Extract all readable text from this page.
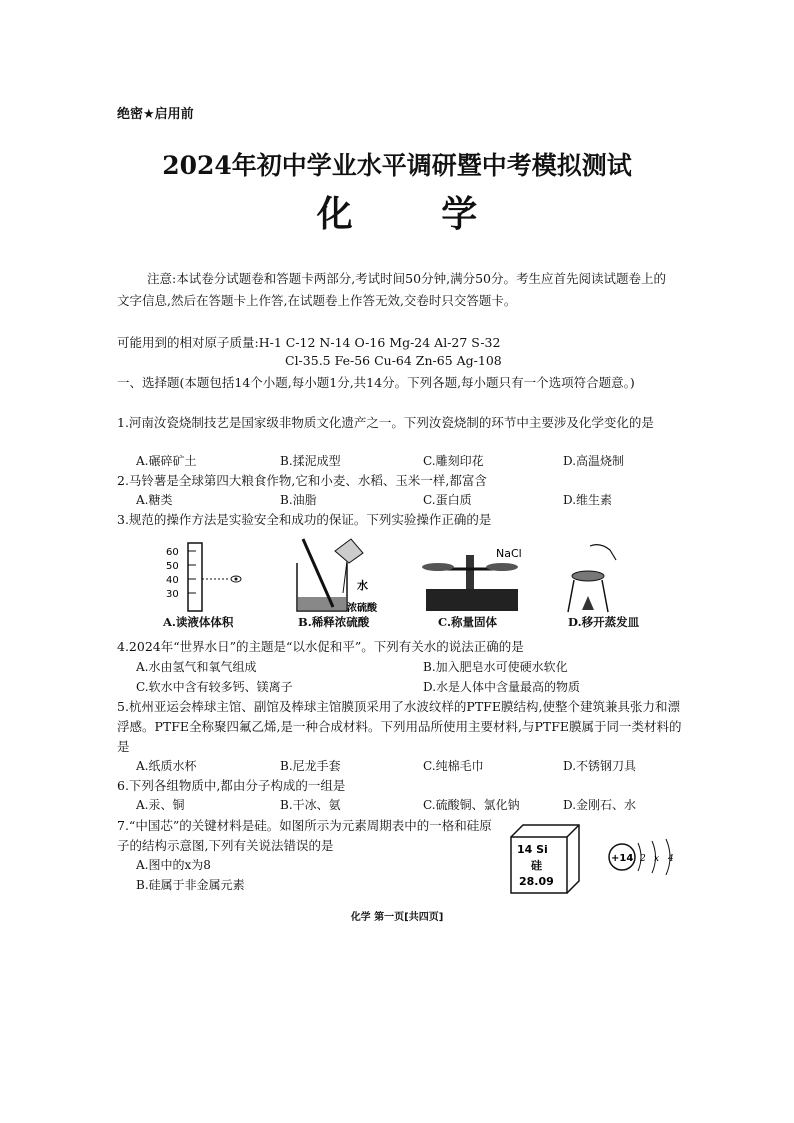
绝密★启用前
2024年初中学业水平调研暨中考模拟测试
化 学
注意:本试卷分试题卷和答题卡两部分,考试时间50分钟,满分50分。考生应首先阅读试题卷上的文字信息,然后在答题卡上作答,在试题卷上作答无效,交卷时只交答题卡。
可能用到的相对原子质量:H-1 C-12 N-14 O-16 Mg-24 Al-27 S-32
Cl-35.5 Fe-56 Cu-64 Zn-65 Ag-108
一、选择题(本题包括14个小题,每小题1分,共14分。下列各题,每小题只有一个选项符合题意。)
1.河南汝瓷烧制技艺是国家级非物质文化遗产之一。下列汝瓷烧制的环节中主要涉及化学变化的是
A.碾碎矿土	B.揉泥成型	C.雕刻印花	D.高温烧制
2.马铃薯是全球第四大粮食作物,它和小麦、水稻、玉米一样,都富含
A.糖类	B.油脂	C.蛋白质	D.维生素
3.规范的操作方法是实验安全和成功的保证。下列实验操作正确的是
60
50
40
30
水
浓硫酸
NaCl
A.读液体体积	B.稀释浓硫酸	C.称量固体	D.移开蒸发皿
4.2024年“世界水日”的主题是“以水促和平”。下列有关水的说法正确的是
A.水由氢气和氧气组成	B.加入肥皂水可使硬水软化
C.软水中含有较多钙、镁离子	D.水是人体中含量最高的物质
5.杭州亚运会棒球主馆、副馆及棒球主馆膜顶采用了水波纹样的PTFE膜结构,使整个建筑兼具张力和漂浮感。PTFE全称聚四氟乙烯,是一种合成材料。下列用品所使用主要材料,与PTFE膜属于同一类材料的是
A.纸质水杯	B.尼龙手套	C.纯棉毛巾	D.不锈钢刀具
6.下列各组物质中,都由分子构成的一组是
A.汞、铜	B.干冰、氨	C.硫酸铜、氯化钠	D.金刚石、水
7.“中国芯”的关键材料是硅。如图所示为元素周期表中的一格和硅原子的结构示意图,下列有关说法错误的是
A.图中的x为8
B.硅属于非金属元素
14 Si
硅
28.09
+14 2 x 4
化学 第一页[共四页]
